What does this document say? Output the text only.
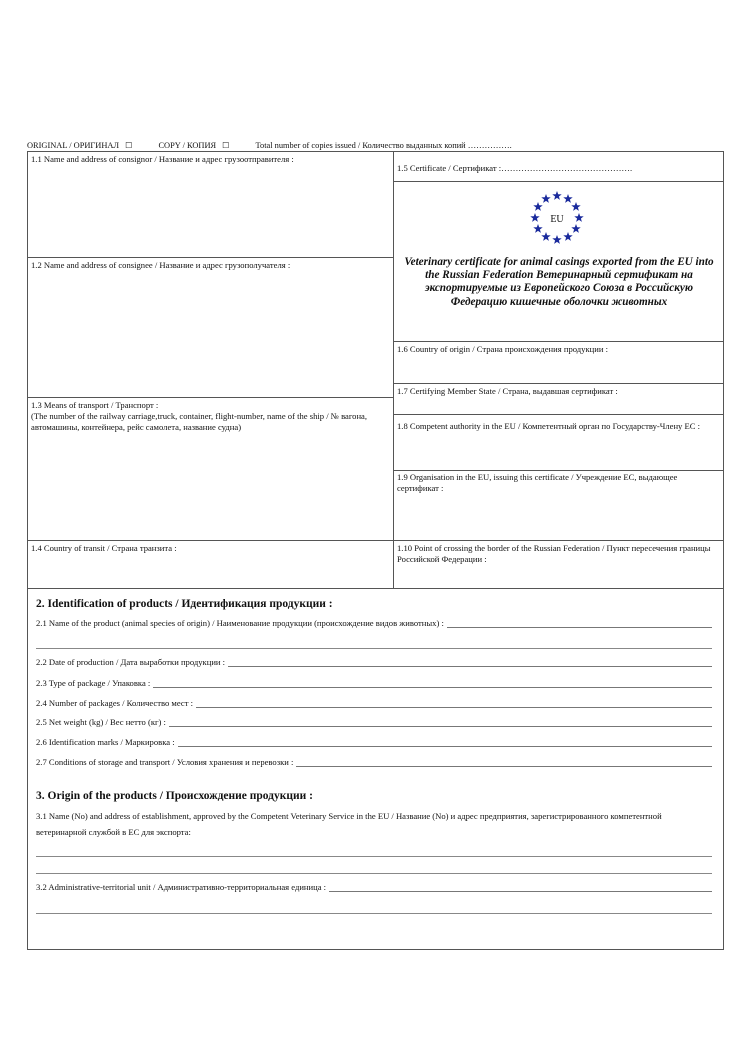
ORIGINAL / ОРИГИНАЛ ☐	COPY / КОПИЯ ☐	Total number of copies issued / Количество выданных копий …………….
1.1 Name and address of consignor / Название и адрес грузоотправителя :
1.2 Name and address of consignee / Название и адрес грузополучателя :
1.3 Means of transport / Транспорт :
(The number of the railway carriage,truck, container, flight-number, name of the ship / № вагона, автомашины, контейнера, рейс самолета, название судна)
1.4 Country of transit / Страна транзита :
1.5 Certificate / Сертификат :……………………………………….
EU
Veterinary certificate for animal casings exported from the EU into the Russian Federation Ветеринарный сертификат на экспортируемые из Европейского Союза в Российскую Федерацию кишечные оболочки животных
1.6 Country of origin / Страна происхождения продукции :
1.7 Certifying Member State / Страна, выдавшая сертификат :
1.8 Competent authority in the EU / Компетентный орган по Государству-Члену ЕС :
1.9 Organisation in the EU, issuing this certificate / Учреждение ЕС, выдающее сертификат :
1.10 Point of crossing the border of the Russian Federation / Пункт пересечения границы Российской Федерации :
2. Identification of products / Идентификация продукции :
2.1 Name of the product (animal species of origin) / Наименование продукции (происхождение видов животных) :
2.2 Date of production / Дата выработки продукции :
2.3 Type of package / Упаковка :
2.4 Number of packages / Количество мест :
2.5 Net weight (kg) / Вес нетто (кг) :
2.6 Identification marks / Маркировка :
2.7 Conditions of storage and transport / Условия хранения и перевозки :
3. Origin of the products / Происхождение продукции :
3.1 Name (No) and address of establishment, approved by the Competent Veterinary Service in the EU / Название (No) и адрес предприятия, зарегистрированного компетентной ветеринарной службой в ЕС для экспорта:
3.2 Administrative-territorial unit / Административно-территориальная единица :
